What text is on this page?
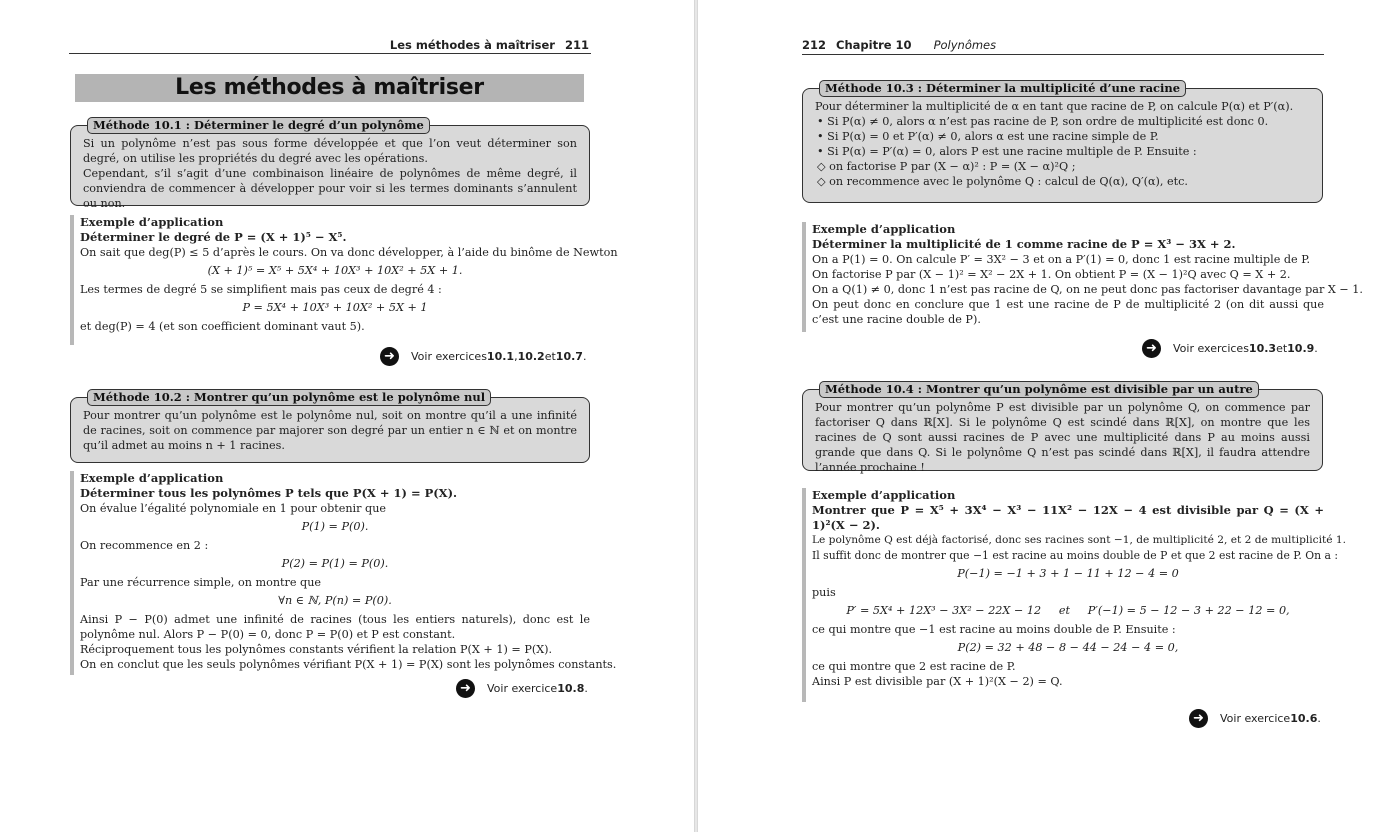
Les méthodes à maîtriser 211
Les méthodes à maîtriser
Méthode 10.1 : Déterminer le degré d’un polynôme

Si un polynôme n’est pas sous forme développée et que l’on veut déterminer son degré, on utilise les propriétés du degré avec les opérations.

Cependant, s’il s’agit d’une combinaison linéaire de polynômes de même degré, il conviendra de commencer à développer pour voir si les termes dominants s’annulent ou non.

Exemple d’application
Déterminer le degré de P = (X + 1)⁵ − X⁵.
On sait que deg(P) ≤ 5 d’après le cours. On va donc développer, à l’aide du binôme de Newton
(X + 1)⁵ = X⁵ + 5X⁴ + 10X³ + 10X² + 5X + 1.
Les termes de degré 5 se simplifient mais pas ceux de degré 4 :
P = 5X⁴ + 10X³ + 10X² + 5X + 1
et deg(P) = 4 (et son coefficient dominant vaut 5).
➜	Voir exercices 10.1 , 10.2 et 10.7 .
Méthode 10.2 : Montrer qu’un polynôme est le polynôme nul

Pour montrer qu’un polynôme est le polynôme nul, soit on montre qu’il a une infinité de racines, soit on commence par majorer son degré par un entier n ∈ ℕ et on montre qu’il admet au moins n + 1 racines.

Exemple d’application
Déterminer tous les polynômes P tels que P(X + 1) = P(X).
On évalue l’égalité polynomiale en 1 pour obtenir que
P(1) = P(0).
On recommence en 2 :
P(2) = P(1) = P(0).
Par une récurrence simple, on montre que
∀n ∈ ℕ, P(n) = P(0).
Ainsi P − P(0) admet une infinité de racines (tous les entiers naturels), donc est le polynôme nul. Alors P − P(0) = 0, donc P = P(0) et P est constant.
Réciproquement tous les polynômes constants vérifient la relation P(X + 1) = P(X).
On en conclut que les seuls polynômes vérifiant P(X + 1) = P(X) sont les polynômes constants.
➜	Voir exercice 10.8 .
212 Chapitre 10 Polynômes
Méthode 10.3 : Déterminer la multiplicité d’une racine

Pour déterminer la multiplicité de α en tant que racine de P, on calcule P(α) et P′(α).

• Si P(α) ≠ 0, alors α n’est pas racine de P, son ordre de multiplicité est donc 0.
• Si P(α) = 0 et P′(α) ≠ 0, alors α est une racine simple de P.
• Si P(α) = P′(α) = 0, alors P est une racine multiple de P. Ensuite :
◇ on factorise P par (X − α)² : P = (X − α)²Q ;
◇ on recommence avec le polynôme Q : calcul de Q(α), Q′(α), etc.
Exemple d’application
Déterminer la multiplicité de 1 comme racine de P = X³ − 3X + 2.
On a P(1) = 0. On calcule P′ = 3X² − 3 et on a P′(1) = 0, donc 1 est racine multiple de P.
On factorise P par (X − 1)² = X² − 2X + 1. On obtient P = (X − 1)²Q avec Q = X + 2.
On a Q(1) ≠ 0, donc 1 n’est pas racine de Q, on ne peut donc pas factoriser davantage par X − 1.
On peut donc en conclure que 1 est une racine de P de multiplicité 2 (on dit aussi que c’est une racine double de P).
➜	Voir exercices 10.3 et 10.9 .
Méthode 10.4 : Montrer qu’un polynôme est divisible par un autre

Pour montrer qu’un polynôme P est divisible par un polynôme Q, on commence par factoriser Q dans ℝ[X]. Si le polynôme Q est scindé dans ℝ[X], on montre que les racines de Q sont aussi racines de P avec une multiplicité dans P au moins aussi grande que dans Q. Si le polynôme Q n’est pas scindé dans ℝ[X], il faudra attendre l’année prochaine !

Exemple d’application
Montrer que P = X⁵ + 3X⁴ − X³ − 11X² − 12X − 4 est divisible par Q = (X + 1)²(X − 2).
Le polynôme Q est déjà factorisé, donc ses racines sont −1, de multiplicité 2, et 2 de multiplicité 1.
Il suffit donc de montrer que −1 est racine au moins double de P et que 2 est racine de P. On a :
P(−1) = −1 + 3 + 1 − 11 + 12 − 4 = 0
puis
P′ = 5X⁴ + 12X³ − 3X² − 22X − 12     et     P′(−1) = 5 − 12 − 3 + 22 − 12 = 0,
ce qui montre que −1 est racine au moins double de P. Ensuite :
P(2) = 32 + 48 − 8 − 44 − 24 − 4 = 0,
ce qui montre que 2 est racine de P.
Ainsi P est divisible par (X + 1)²(X − 2) = Q.
➜	Voir exercice 10.6 .
